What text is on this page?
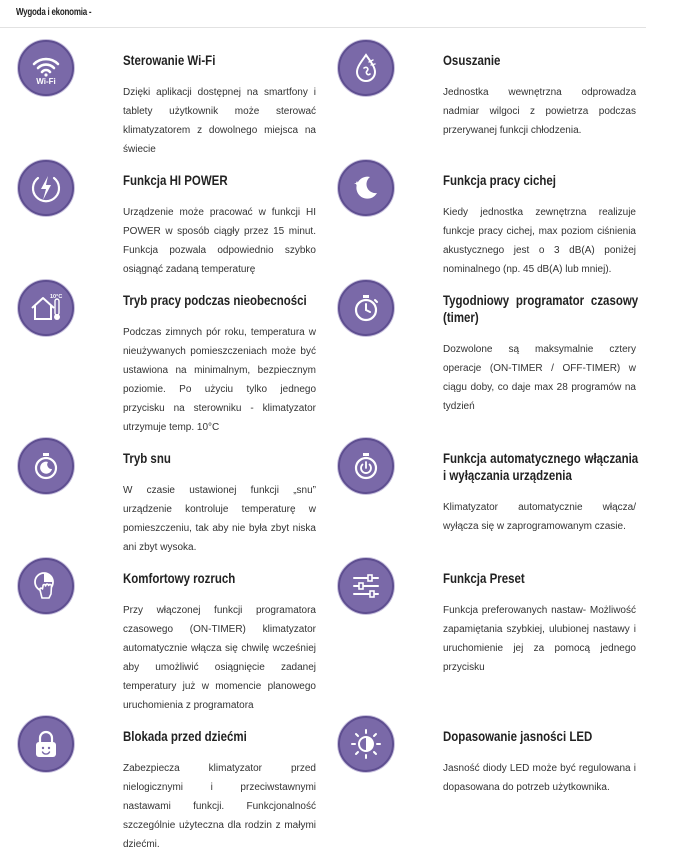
Wygoda i ekonomia -
Wi-Fi
Sterowanie Wi-Fi
Dzięki aplikacji dostępnej na smartfony i tablety użytkownik może sterować klimatyzatorem z dowolnego miejsca na świecie
Osuszanie
Jednostka wewnętrzna odprowadza nadmiar wilgoci z powietrza podczas przerywanej funkcji chłodzenia.
Funkcja HI POWER
Urządzenie może pracować w funkcji HI POWER w sposób ciągły przez 15 minut. Funkcja pozwala odpowiednio szybko osiągnąć zadaną temperaturę
Funkcja pracy cichej
Kiedy jednostka zewnętrzna realizuje funkcje pracy cichej, max poziom ciśnienia akustycznego jest o 3 dB(A) poniżej nominalnego (np. 45 dB(A) lub mniej).
10°C	Tryb pracy podczas nieobecności
Podczas zimnych pór roku, temperatura w nieużywanych pomieszczeniach może być ustawiona na minimalnym, bezpiecznym poziomie. Po użyciu tylko jednego przycisku na sterowniku - klimatyzator utrzymuje temp. 10°C
Tygodniowy programator czasowy (timer)
Dozwolone są maksymalnie cztery operacje (ON-TIMER / OFF-TIMER) w ciągu doby, co daje max 28 programów na tydzień
Tryb snu
W czasie ustawionej funkcji „snu” urządzenie kontroluje temperaturę w pomieszczeniu, tak aby nie była zbyt niska ani zbyt wysoka.
Funkcja automatycznego włączania i wyłączania urządzenia
Klimatyzator automatycznie włącza/ wyłącza się w zaprogramowanym czasie.
Komfortowy rozruch
Przy włączonej funkcji programatora czasowego (ON-TIMER) klimatyzator automatycznie włącza się chwilę wcześniej aby umożliwić osiągnięcie zadanej temperatury już w momencie planowego uruchomienia z programatora
Funkcja Preset
Funkcja preferowanych nastaw- Możliwość zapamiętania szybkiej, ulubionej nastawy i uruchomienie jej za pomocą jednego przycisku
Blokada przed dziećmi
Zabezpiecza klimatyzator przed nielogicznymi i przeciwstawnymi nastawami funkcji. Funkcjonalność szczególnie użyteczna dla rodzin z małymi dziećmi.
Dopasowanie jasności LED
Jasność diody LED może być regulowana i dopasowana do potrzeb użytkownika.
